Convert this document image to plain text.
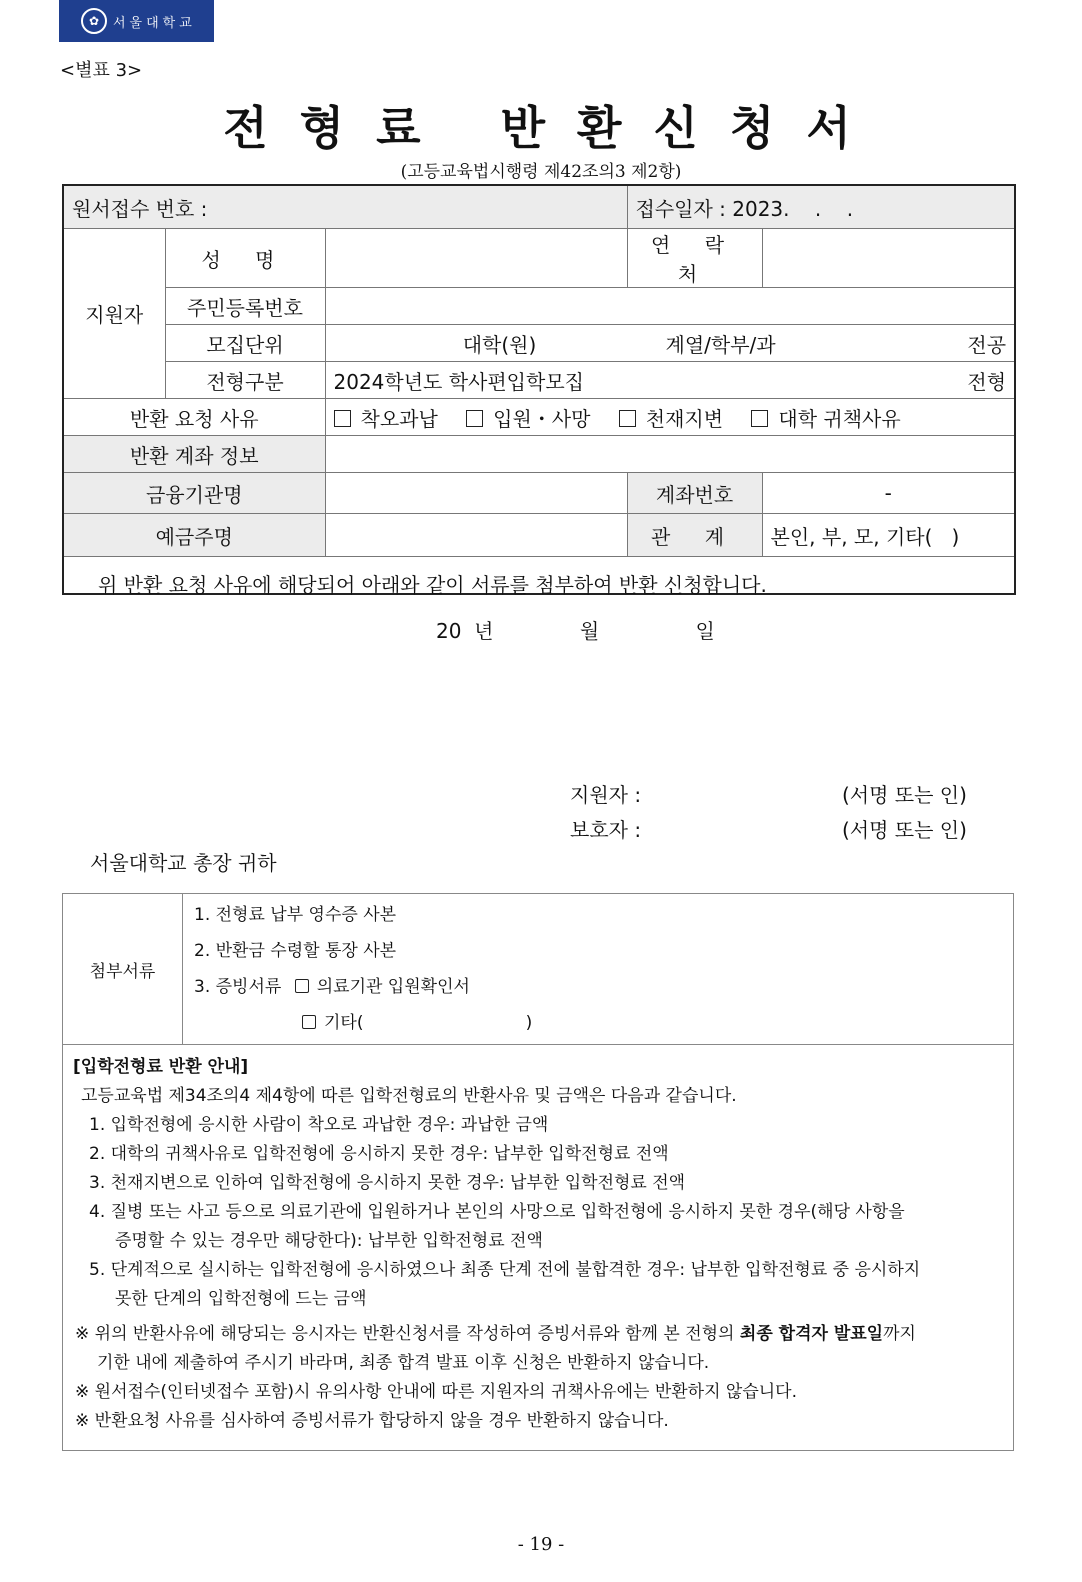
✿	서울대학교
<별표 3>
전 형 료   반 환 신 청 서
(고등교육법시행령 제42조의3 제2항)
원서접수 번호 :			접수일자 : 2023.    .    .	
지원자	성 명		연 락 처	
	주민등록번호			
	모집단위	대학(원) 계열/학부/과 전공		

	전형구분	2024학년도 학사편입학모집 전형		

반환 요청 사유		착오과납 입원・사망 천재지변 대학 귀책사유		
반환 계좌 정보				
금융기관명			계좌번호	-
예금주명			관 계	본인, 부, 모, 기타(   )

위 반환 요청 사유에 해당되어 아래와 같이 서류를 첨부하여 반환 신청합니다.
20  년 월 일
지원자 : (서명 또는 인)
보호자 : (서명 또는 인)
서울대학교 총장 귀하				
첨부서류	
1. 전형료 납부 영수증 사본
2. 반환금 수령할 통장 사본
3. 증빙서류 의료기관 입원확인서
기타(                              )

[입학전형료 반환 안내]
고등교육법 제34조의4 제4항에 따른 입학전형료의 반환사유 및 금액은 다음과 같습니다.
1. 입학전형에 응시한 사람이 착오로 과납한 경우: 과납한 금액
2. 대학의 귀책사유로 입학전형에 응시하지 못한 경우: 납부한 입학전형료 전액
3. 천재지변으로 인하여 입학전형에 응시하지 못한 경우: 납부한 입학전형료 전액
4. 질병 또는 사고 등으로 의료기관에 입원하거나 본인의 사망으로 입학전형에 응시하지 못한 경우(해당 사항을
증명할 수 있는 경우만 해당한다): 납부한 입학전형료 전액
5. 단계적으로 실시하는 입학전형에 응시하였으나 최종 단계 전에 불합격한 경우: 납부한 입학전형료 중 응시하지
못한 단계의 입학전형에 드는 금액
※ 위의 반환사유에 해당되는 응시자는 반환신청서를 작성하여 증빙서류와 함께 본 전형의 최종 합격자 발표일까지
기한 내에 제출하여 주시기 바라며, 최종 합격 발표 이후 신청은 반환하지 않습니다.
※ 원서접수(인터넷접수 포함)시 유의사항 안내에 따른 지원자의 귀책사유에는 반환하지 않습니다.
※ 반환요청 사유를 심사하여 증빙서류가 합당하지 않을 경우 반환하지 않습니다.
- 19 -
